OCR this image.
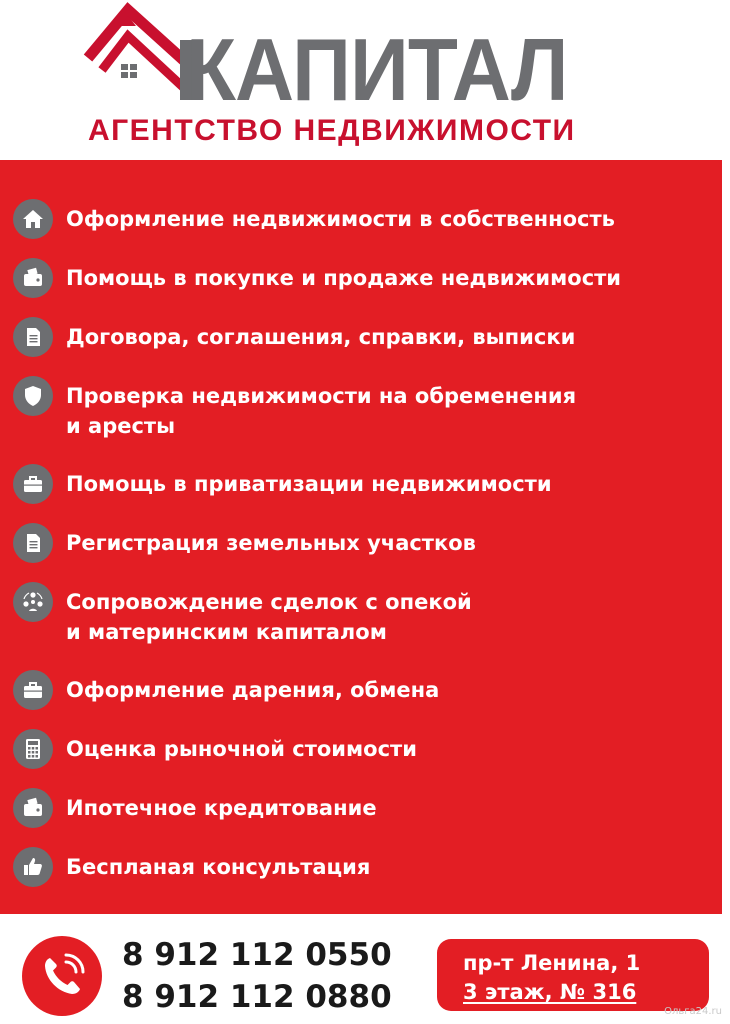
КАПИТАЛ
АГЕНТСТВО НЕДВИЖИМОСТИ
Оформление недвижимости в собственность
Помощь в покупке и продаже недвижимости
Договора, соглашения, справки, выписки
Проверка недвижимости на обременения
и аресты
Помощь в приватизации недвижимости
Регистрация земельных участков
Сопровождение сделок с опекой
и материнским капиталом
Оформление дарения, обмена
Оценка рыночной стоимости
Ипотечное кредитование
Беспланая консультация
8 912 112 0550
8 912 112 0880
пр-т Ленина, 1
3 этаж, № 316
Ольга24.ru
